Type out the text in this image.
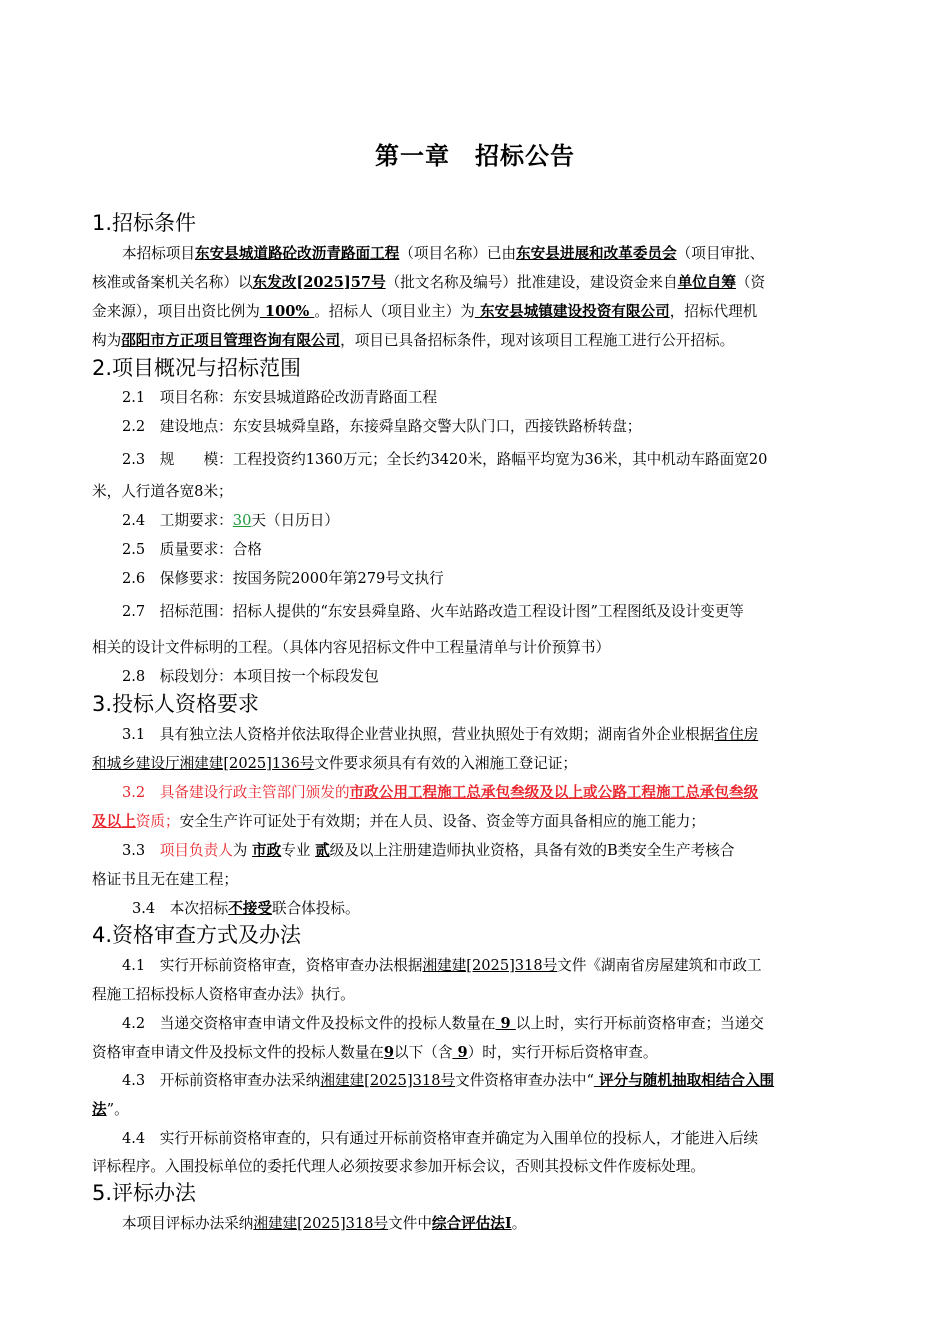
第一章　招标公告
1.招标条件
本招标项目东安县城道路砼改沥青路面工程（项目名称）已由东安县进展和改革委员会（项目审批、
核准或备案机关名称）以东发改[2025]57号（批文名称及编号）批准建设，建设资金来自单位自筹（资
金来源），项目出资比例为 100% 。招标人（项目业主）为 东安县城镇建设投资有限公司，招标代理机
构为邵阳市方正项目管理咨询有限公司，项目已具备招标条件，现对该项目工程施工进行公开招标。
2.项目概况与招标范围
2.1　项目名称：东安县城道路砼改沥青路面工程
2.2　建设地点：东安县城舜皇路，东接舜皇路交警大队门口，西接铁路桥转盘；
2.3　规　　模：工程投资约1360万元；全长约3420米，路幅平均宽为36米，其中机动车路面宽20
米，人行道各宽8米；
2.4　工期要求：30天（日历日）
2.5　质量要求：合格
2.6　保修要求：按国务院2000年第279号文执行
2.7　招标范围：招标人提供的“东安县舜皇路、火车站路改造工程设计图”工程图纸及设计变更等
相关的设计文件标明的工程。（具体内容见招标文件中工程量清单与计价预算书）
2.8　标段划分：本项目按一个标段发包
3.投标人资格要求
3.1　具有独立法人资格并依法取得企业营业执照，营业执照处于有效期；湖南省外企业根据省住房
和城乡建设厅湘建建[2025]136号文件要求须具有有效的入湘施工登记证；
3.2　具备建设行政主管部门颁发的市政公用工程施工总承包叁级及以上或公路工程施工总承包叁级
及以上资质；安全生产许可证处于有效期；并在人员、设备、资金等方面具备相应的施工能力；
3.3　项目负责人为 市政专业 贰级及以上注册建造师执业资格，具备有效的B类安全生产考核合
格证书且无在建工程；
3.4　本次招标不接受联合体投标。
4.资格审查方式及办法
4.1　实行开标前资格审查，资格审查办法根据湘建建[2025]318号文件《湖南省房屋建筑和市政工
程施工招标投标人资格审查办法》执行。
4.2　当递交资格审查申请文件及投标文件的投标人数量在 9 以上时，实行开标前资格审查；当递交
资格审查申请文件及投标文件的投标人数量在9以下（含 9）时，实行开标后资格审查。
4.3　开标前资格审查办法采纳湘建建[2025]318号文件资格审查办法中“ 评分与随机抽取相结合入围
法”。
4.4　实行开标前资格审查的，只有通过开标前资格审查并确定为入围单位的投标人，才能进入后续
评标程序。入围投标单位的委托代理人必须按要求参加开标会议，否则其投标文件作废标处理。
5.评标办法
本项目评标办法采纳湘建建[2025]318号文件中综合评估法Ⅰ。
